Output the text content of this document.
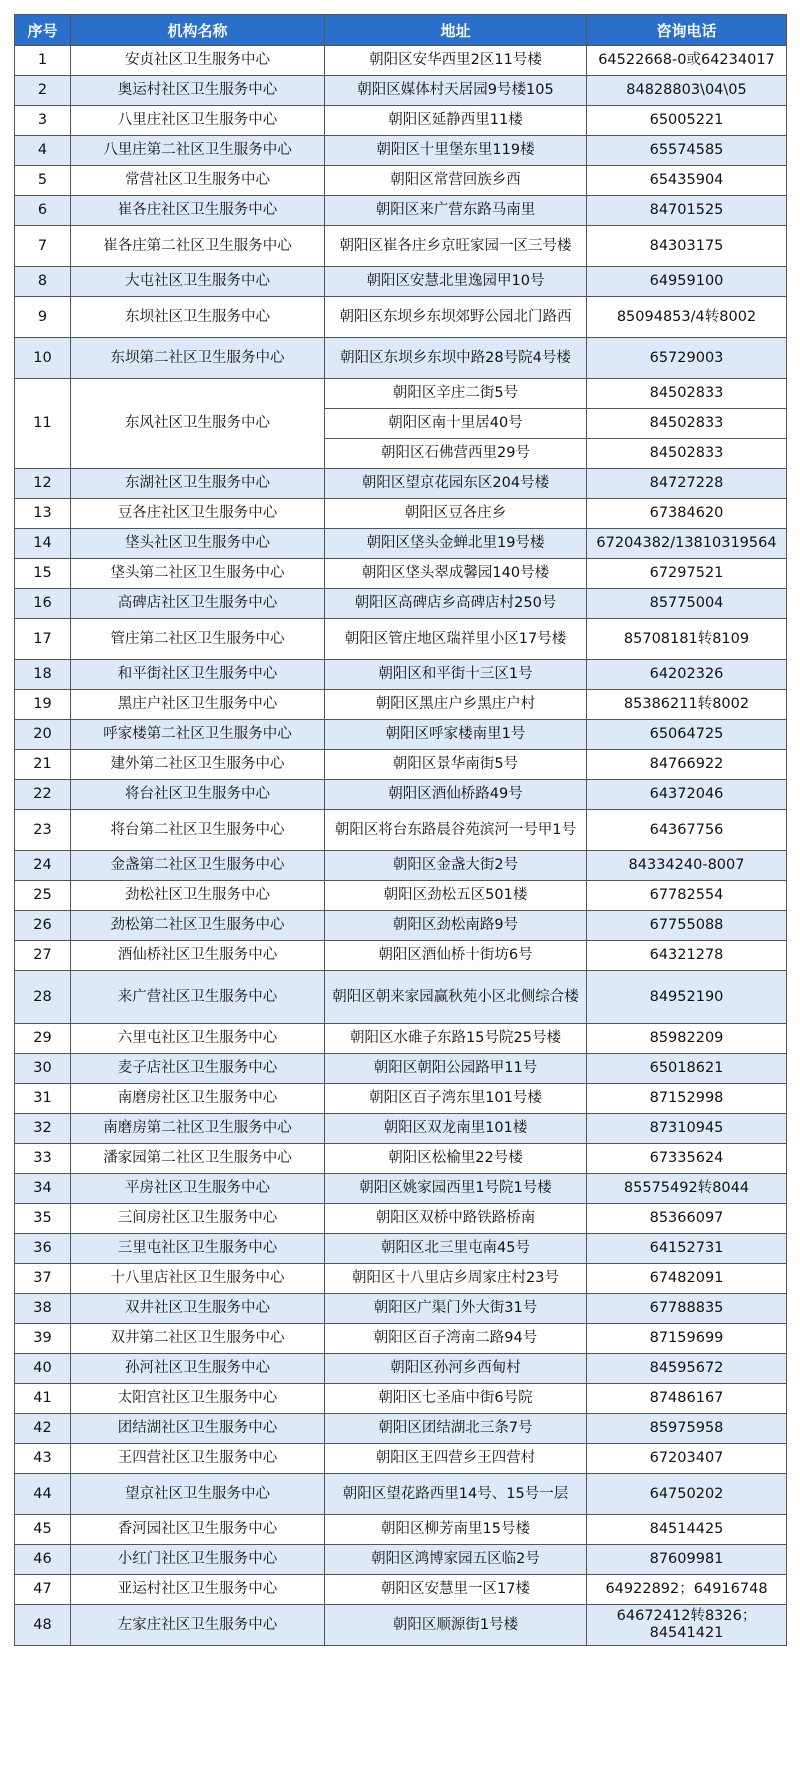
序号	机构名称	地址	咨询电话
1	安贞社区卫生服务中心	朝阳区安华西里2区11号楼	64522668-0或64234017
2	奥运村社区卫生服务中心	朝阳区媒体村天居园9号楼105	84828803\04\05
3	八里庄社区卫生服务中心	朝阳区延静西里11楼	65005221
4	八里庄第二社区卫生服务中心	朝阳区十里堡东里119楼	65574585
5	常营社区卫生服务中心	朝阳区常营回族乡西	65435904
6	崔各庄社区卫生服务中心	朝阳区来广营东路马南里	84701525
7	崔各庄第二社区卫生服务中心	朝阳区崔各庄乡京旺家园一区三号楼	84303175
8	大屯社区卫生服务中心	朝阳区安慧北里逸园甲10号	64959100
9	东坝社区卫生服务中心	朝阳区东坝乡东坝郊野公园北门路西	85094853/4转8002
10	东坝第二社区卫生服务中心	朝阳区东坝乡东坝中路28号院4号楼	65729003
11	东风社区卫生服务中心	朝阳区辛庄二街5号	84502833
		朝阳区南十里居40号	84502833
		朝阳区石佛营西里29号	84502833
12	东湖社区卫生服务中心	朝阳区望京花园东区204号楼	84727228
13	豆各庄社区卫生服务中心	朝阳区豆各庄乡	67384620
14	垡头社区卫生服务中心	朝阳区垡头金蝉北里19号楼	67204382/13810319564
15	垡头第二社区卫生服务中心	朝阳区垡头翠成馨园140号楼	67297521
16	高碑店社区卫生服务中心	朝阳区高碑店乡高碑店村250号	85775004
17	管庄第二社区卫生服务中心	朝阳区管庄地区瑞祥里小区17号楼	85708181转8109
18	和平街社区卫生服务中心	朝阳区和平街十三区1号	64202326
19	黑庄户社区卫生服务中心	朝阳区黑庄户乡黑庄户村	85386211转8002
20	呼家楼第二社区卫生服务中心	朝阳区呼家楼南里1号	65064725
21	建外第二社区卫生服务中心	朝阳区景华南街5号	84766922
22	将台社区卫生服务中心	朝阳区酒仙桥路49号	64372046
23	将台第二社区卫生服务中心	朝阳区将台东路晨谷苑滨河一号甲1号	64367756
24	金盏第二社区卫生服务中心	朝阳区金盏大街2号	84334240-8007
25	劲松社区卫生服务中心	朝阳区劲松五区501楼	67782554
26	劲松第二社区卫生服务中心	朝阳区劲松南路9号	67755088
27	酒仙桥社区卫生服务中心	朝阳区酒仙桥十街坊6号	64321278
28	来广营社区卫生服务中心	朝阳区朝来家园赢秋苑小区北侧综合楼	84952190
29	六里屯社区卫生服务中心	朝阳区水碓子东路15号院25号楼	85982209
30	麦子店社区卫生服务中心	朝阳区朝阳公园路甲11号	65018621
31	南磨房社区卫生服务中心	朝阳区百子湾东里101号楼	87152998
32	南磨房第二社区卫生服务中心	朝阳区双龙南里101楼	87310945
33	潘家园第二社区卫生服务中心	朝阳区松榆里22号楼	67335624
34	平房社区卫生服务中心	朝阳区姚家园西里1号院1号楼	85575492转8044
35	三间房社区卫生服务中心	朝阳区双桥中路铁路桥南	85366097
36	三里屯社区卫生服务中心	朝阳区北三里屯南45号	64152731
37	十八里店社区卫生服务中心	朝阳区十八里店乡周家庄村23号	67482091
38	双井社区卫生服务中心	朝阳区广渠门外大街31号	67788835
39	双井第二社区卫生服务中心	朝阳区百子湾南二路94号	87159699
40	孙河社区卫生服务中心	朝阳区孙河乡西甸村	84595672
41	太阳宫社区卫生服务中心	朝阳区七圣庙中街6号院	87486167
42	团结湖社区卫生服务中心	朝阳区团结湖北三条7号	85975958
43	王四营社区卫生服务中心	朝阳区王四营乡王四营村	67203407
44	望京社区卫生服务中心	朝阳区望花路西里14号、15号一层	64750202
45	香河园社区卫生服务中心	朝阳区柳芳南里15号楼	84514425
46	小红门社区卫生服务中心	朝阳区鸿博家园五区临2号	87609981
47	亚运村社区卫生服务中心	朝阳区安慧里一区17楼	64922892；64916748
48	左家庄社区卫生服务中心	朝阳区顺源街1号楼	64672412转8326；84541421
